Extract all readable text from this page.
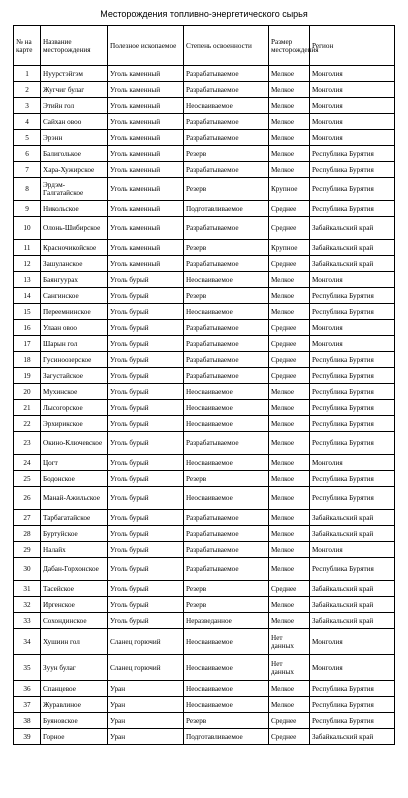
Месторождения топливно-энергетического сырья
№ на карте	Название месторождения	Полезное ископаемое	Степень освоенности	Размер месторождения	Регион
1	Нуурстэйгэм	Уголь каменный	Разрабатываемое	Мелкое	Монголия
2	Жугчиг булаг	Уголь каменный	Разрабатываемое	Мелкое	Монголия
3	Этийн гол	Уголь каменный	Неосваиваемое	Мелкое	Монголия
4	Сайхан овоо	Уголь каменный	Разрабатываемое	Мелкое	Монголия
5	Эрэнн	Уголь каменный	Разрабатываемое	Мелкое	Монголия
6	Балиголькое	Уголь каменный	Резерв	Мелкое	Республика Бурятия
7	Хара-Хужирское	Уголь каменный	Разрабатываемое	Мелкое	Республика Бурятия
8	Эрдэм-Галгатайское	Уголь каменный	Резерв	Крупное	Республика Бурятия
9	Никольское	Уголь каменный	Подготавливаемое	Среднее	Республика Бурятия
10	Олонь-Шибирское	Уголь каменный	Разрабатываемое	Среднее	Забайкальский край
11	Красночикойское	Уголь каменный	Резерв	Крупное	Забайкальский край
12	Зашуланское	Уголь каменный	Разрабатываемое	Среднее	Забайкальский край
13	Баянгуурах	Уголь бурый	Неосваиваемое	Мелкое	Монголия
14	Сангинское	Уголь бурый	Резерв	Мелкое	Республика Бурятия
15	Переемнинское	Уголь бурый	Неосваиваемое	Мелкое	Республика Бурятия
16	Улаан овоо	Уголь бурый	Разрабатываемое	Среднее	Монголия
17	Шарын гол	Уголь бурый	Разрабатываемое	Среднее	Монголия
18	Гусиноозерское	Уголь бурый	Разрабатываемое	Среднее	Республика Бурятия
19	Загустайское	Уголь бурый	Разрабатываемое	Среднее	Республика Бурятия
20	Мухинское	Уголь бурый	Неосваиваемое	Мелкое	Республика Бурятия
21	Лысогорское	Уголь бурый	Неосваиваемое	Мелкое	Республика Бурятия
22	Эрхирикское	Уголь бурый	Неосваиваемое	Мелкое	Республика Бурятия
23	Окино-Ключевское	Уголь бурый	Разрабатываемое	Мелкое	Республика Бурятия
24	Цогт	Уголь бурый	Неосваиваемое	Мелкое	Монголия
25	Бодонское	Уголь бурый	Резерв	Мелкое	Республика Бурятия
26	Манай-Ажильское	Уголь бурый	Неосваиваемое	Мелкое	Республика Бурятия
27	Тарбагатайское	Уголь бурый	Разрабатываемое	Мелкое	Забайкальский край
28	Буртуйское	Уголь бурый	Разрабатываемое	Мелкое	Забайкальский край
29	Налайх	Уголь бурый	Разрабатываемое	Мелкое	Монголия
30	Дабан-Горхонское	Уголь бурый	Разрабатываемое	Мелкое	Республика Бурятия
31	Тасейское	Уголь бурый	Резерв	Среднее	Забайкальский край
32	Иргенское	Уголь бурый	Резерв	Мелкое	Забайкальский край
33	Сохондинское	Уголь бурый	Неразведанное	Мелкое	Забайкальский край
34	Хушиин гол	Сланец горючий	Неосваиваемое	Нет данных	Монголия
35	Зуун булаг	Сланец горючий	Неосваиваемое	Нет данных	Монголия
36	Спанцевое	Уран	Неосваиваемое	Мелкое	Республика Бурятия
37	Журавлиное	Уран	Неосваиваемое	Мелкое	Республика Бурятия
38	Буяновское	Уран	Резерв	Среднее	Республика Бурятия
39	Горное	Уран	Подготавливаемое	Среднее	Забайкальский край
